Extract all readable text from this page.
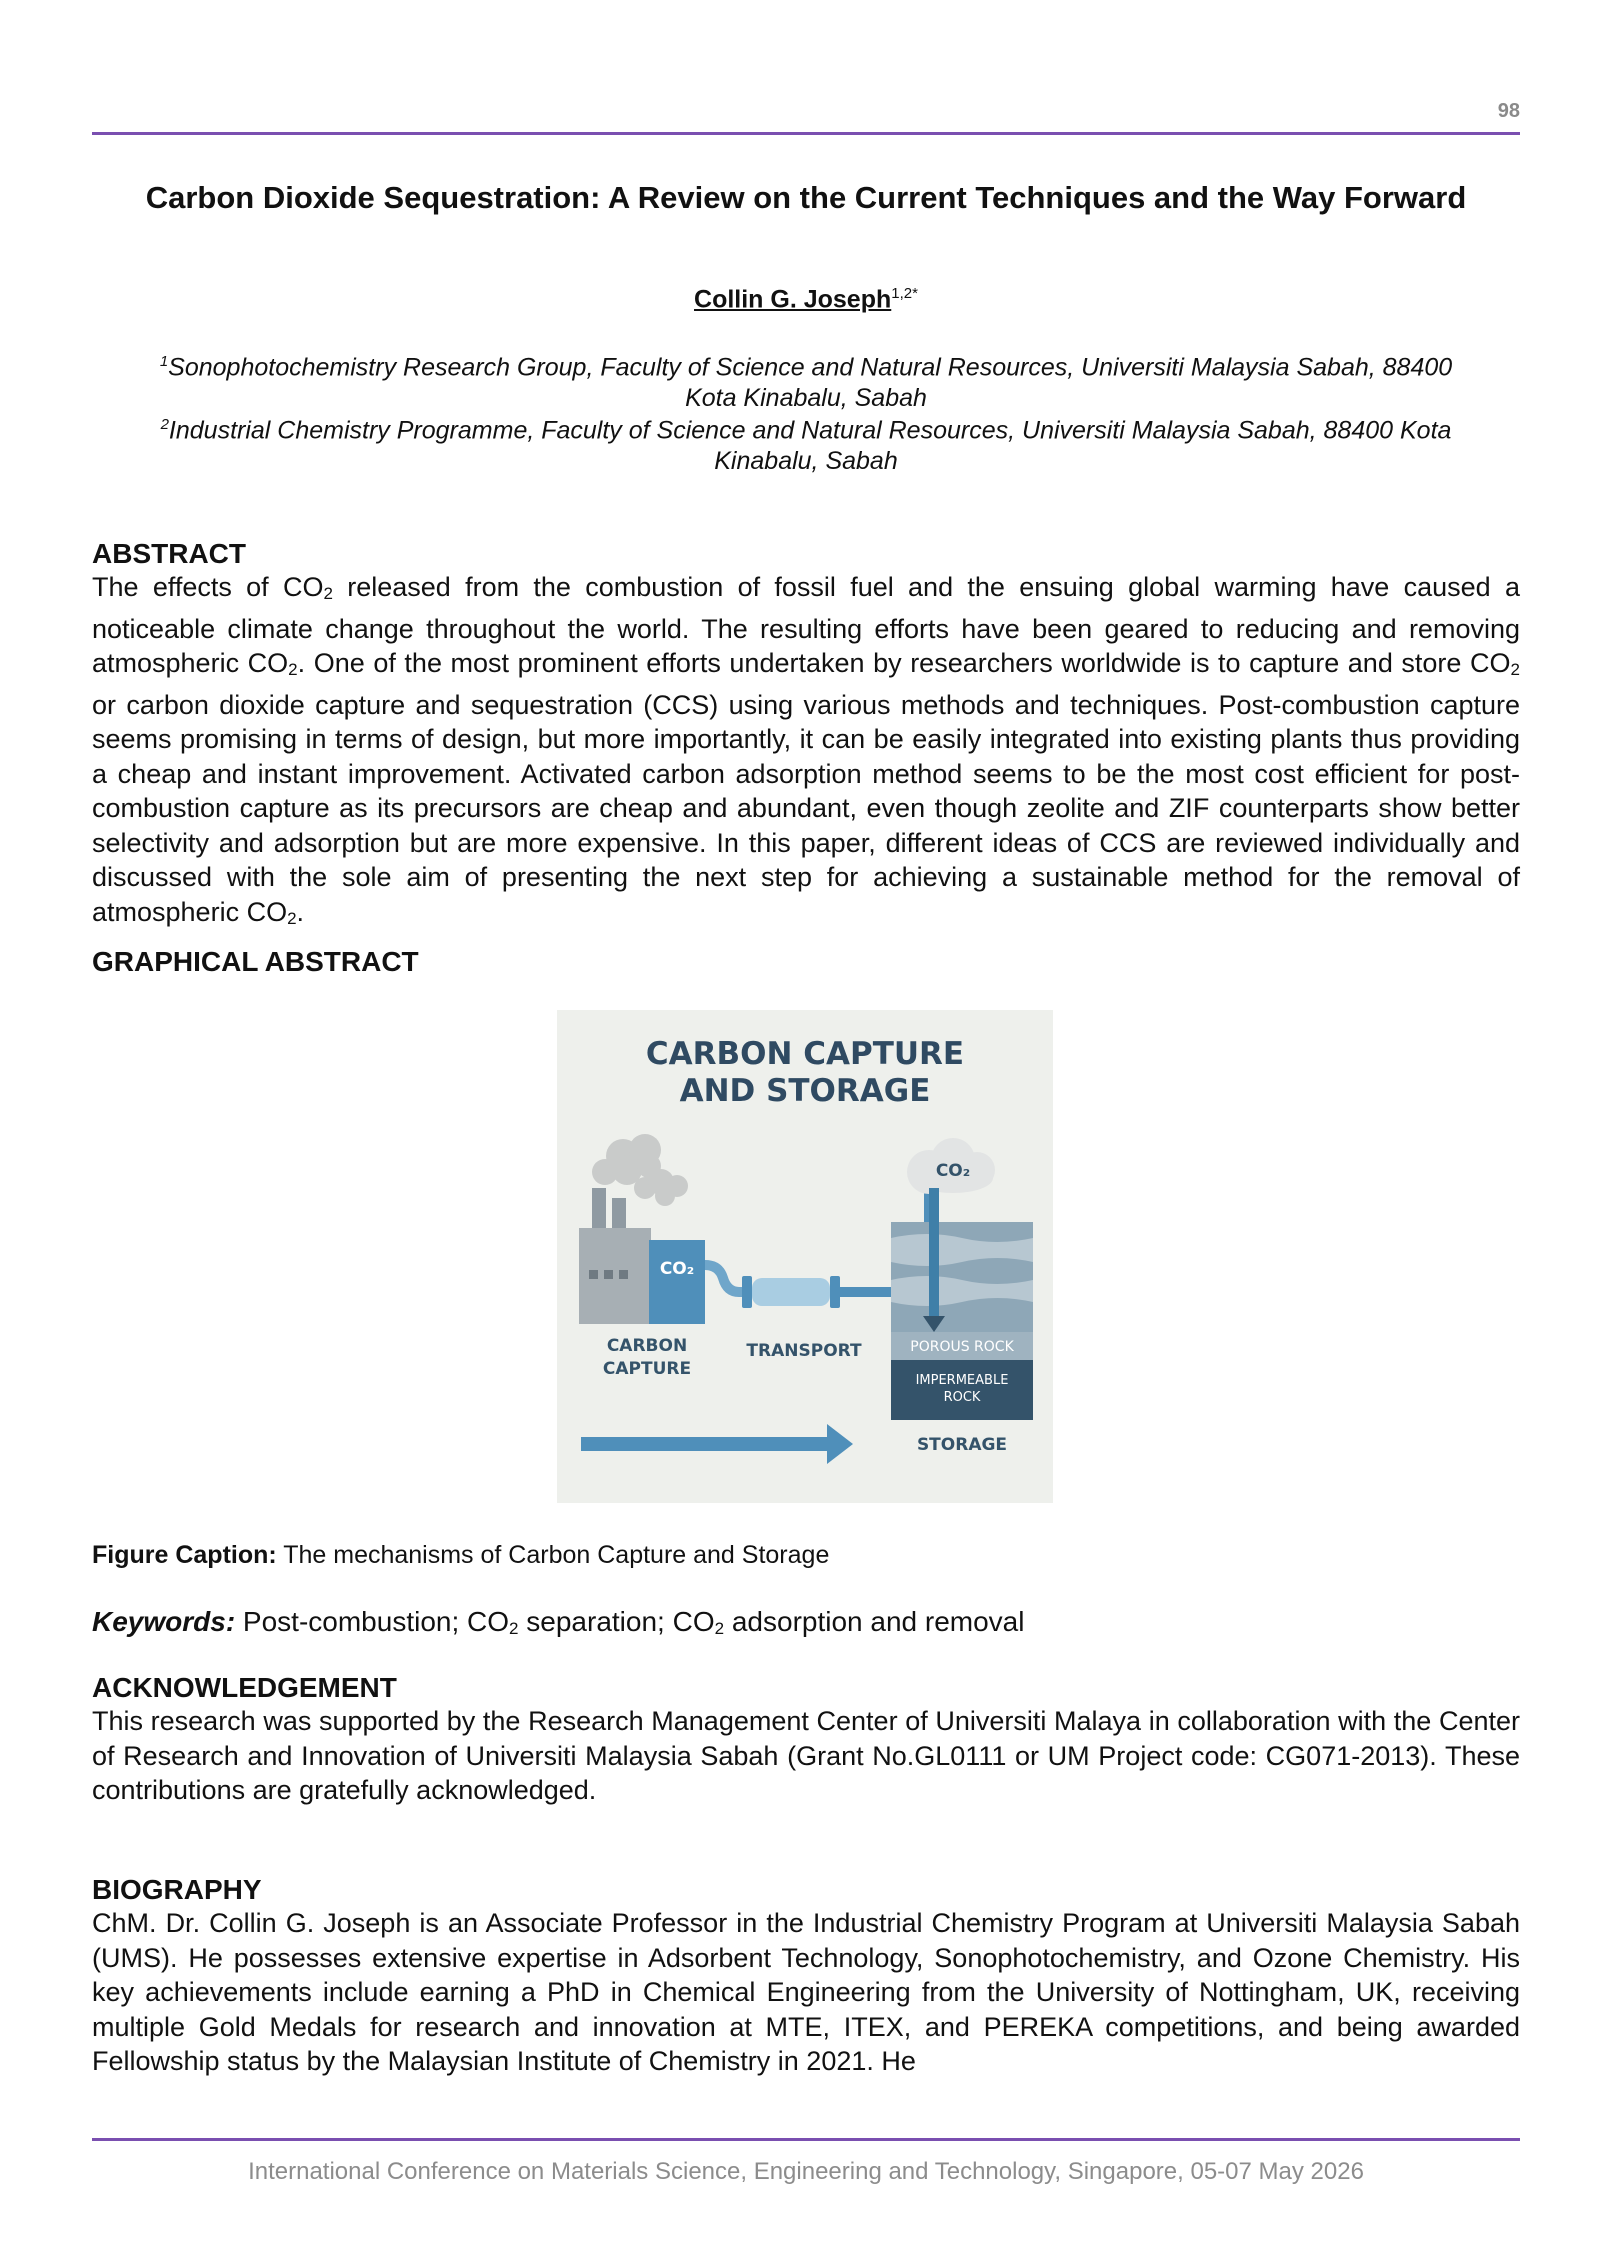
98
Carbon Dioxide Sequestration: A Review on the Current Techniques and the Way Forward
Collin G. Joseph$^{1,2*}$
$^1$Sonophotochemistry Research Group, Faculty of Science and Natural Resources, Universiti Malaysia Sabah, 88400
Kota Kinabalu, Sabah
$^2$Industrial Chemistry Programme, Faculty of Science and Natural Resources, Universiti Malaysia Sabah, 88400 Kota
Kinabalu, Sabah
ABSTRACT

The effects of $CO_2$ released from the combustion of fossil fuel and the ensuing global warming have caused a noticeable climate change throughout the world. The resulting efforts have been geared to reducing and removing atmospheric $CO_2$. One of the most prominent efforts undertaken by researchers worldwide is to capture and store $CO_2$ or carbon dioxide capture and sequestration (CCS) using various methods and techniques. Post-combustion capture seems promising in terms of design, but more importantly, it can be easily integrated into existing plants thus providing a cheap and instant improvement. Activated carbon adsorption method seems to be the most cost efficient for post-combustion capture as its precursors are cheap and abundant, even though zeolite and ZIF counterparts show better selectivity and adsorption but are more expensive. In this paper, different ideas of CCS are reviewed individually and discussed with the sole aim of presenting the next step for achieving a sustainable method for the removal of atmospheric $CO_2$.

GRAPHICAL ABSTRACT
CARBON CAPTURE
AND STORAGE
CO₂
CO₂
POROUS ROCK
IMPERMEABLE
ROCK
CARBON
CAPTURE
TRANSPORT
STORAGE
Figure Caption: The mechanisms of Carbon Capture and Storage
Keywords: Post-combustion; $CO_2$ separation; $CO_2$ adsorption and removal
ACKNOWLEDGEMENT

This research was supported by the Research Management Center of Universiti Malaya in collaboration with the Center of Research and Innovation of Universiti Malaysia Sabah (Grant No.GL0111 or UM Project code: CG071-2013). These contributions are gratefully acknowledged.

BIOGRAPHY

ChM. Dr. Collin G. Joseph is an Associate Professor in the Industrial Chemistry Program at Universiti Malaysia Sabah (UMS). He possesses extensive expertise in Adsorbent Technology, Sonophotochemistry, and Ozone Chemistry. His key achievements include earning a PhD in Chemical Engineering from the University of Nottingham, UK, receiving multiple Gold Medals for research and innovation at MTE, ITEX, and PEREKA competitions, and being awarded Fellowship status by the Malaysian Institute of Chemistry in 2021. He

International Conference on Materials Science, Engineering and Technology, Singapore, 05-07 May 2026
